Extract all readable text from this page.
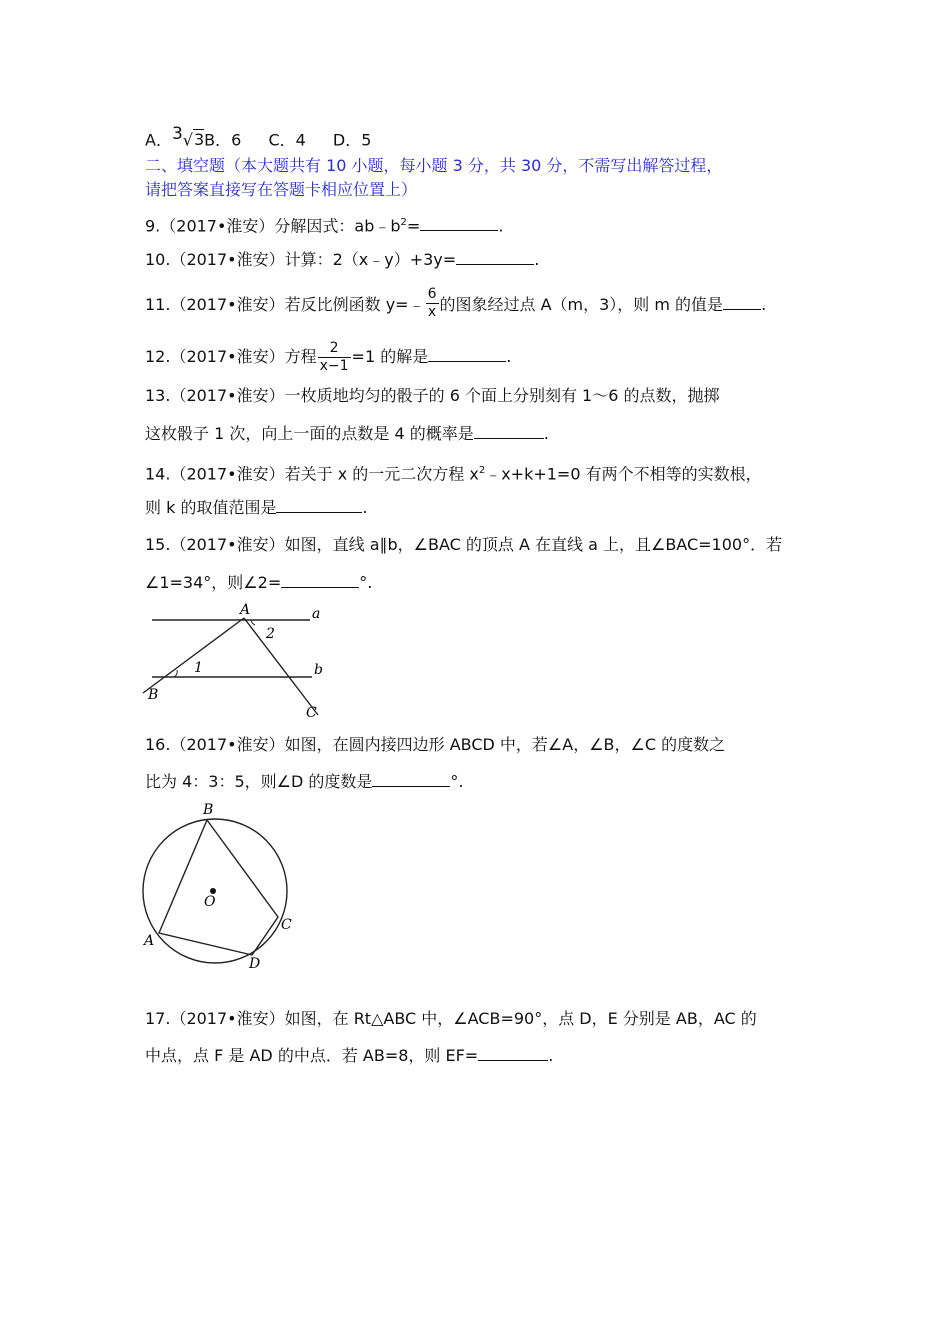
A．$^3$√3B．6 C．4 D．5
二、填空题（本大题共有 10 小题，每小题 3 分，共 30 分，不需写出解答过程，
请把答案直接写在答题卡相应位置上）
9.（2017•淮安）分解因式：$ab﹣b^2=$	.
10.（2017•淮安）计算：2（x﹣y）+3y=	.
11.（2017•淮安）若反比例函数 y=﹣ $\frac{6}{x}$ 的图象经过点 A（m，3），则 m 的值是 .
12.（2017•淮安）方程 $\frac{2}{x-1} =1$ 的解是	.
13.（2017•淮安）一枚质地均匀的骰子的 6 个面上分别刻有 1～6 的点数，抛掷
这枚骰子 1 次，向上一面的点数是 4 的概率是	.
14.（2017•淮安）若关于 x 的一元二次方程 $x^2﹣x+k+1=0$ 有两个不相等的实数根，
则 k 的取值范围是	.
15.（2017•淮安）如图，直线 a∥b，∠BAC 的顶点 A 在直线 a 上，且∠BAC=100°．若
∠1=34°，则∠2=	°.
A	a
2
1	b
B
C
16.（2017•淮安）如图，在圆内接四边形 ABCD 中，若∠A，∠B，∠C 的度数之
比为 4：3：5，则∠D 的度数是	°.
B
O
C
A
D
17.（2017•淮安）如图，在 Rt△ABC 中，∠ACB=90°，点 D，E 分别是 AB，AC 的
中点，点 F 是 AD 的中点．若 AB=8，则 EF=	.
